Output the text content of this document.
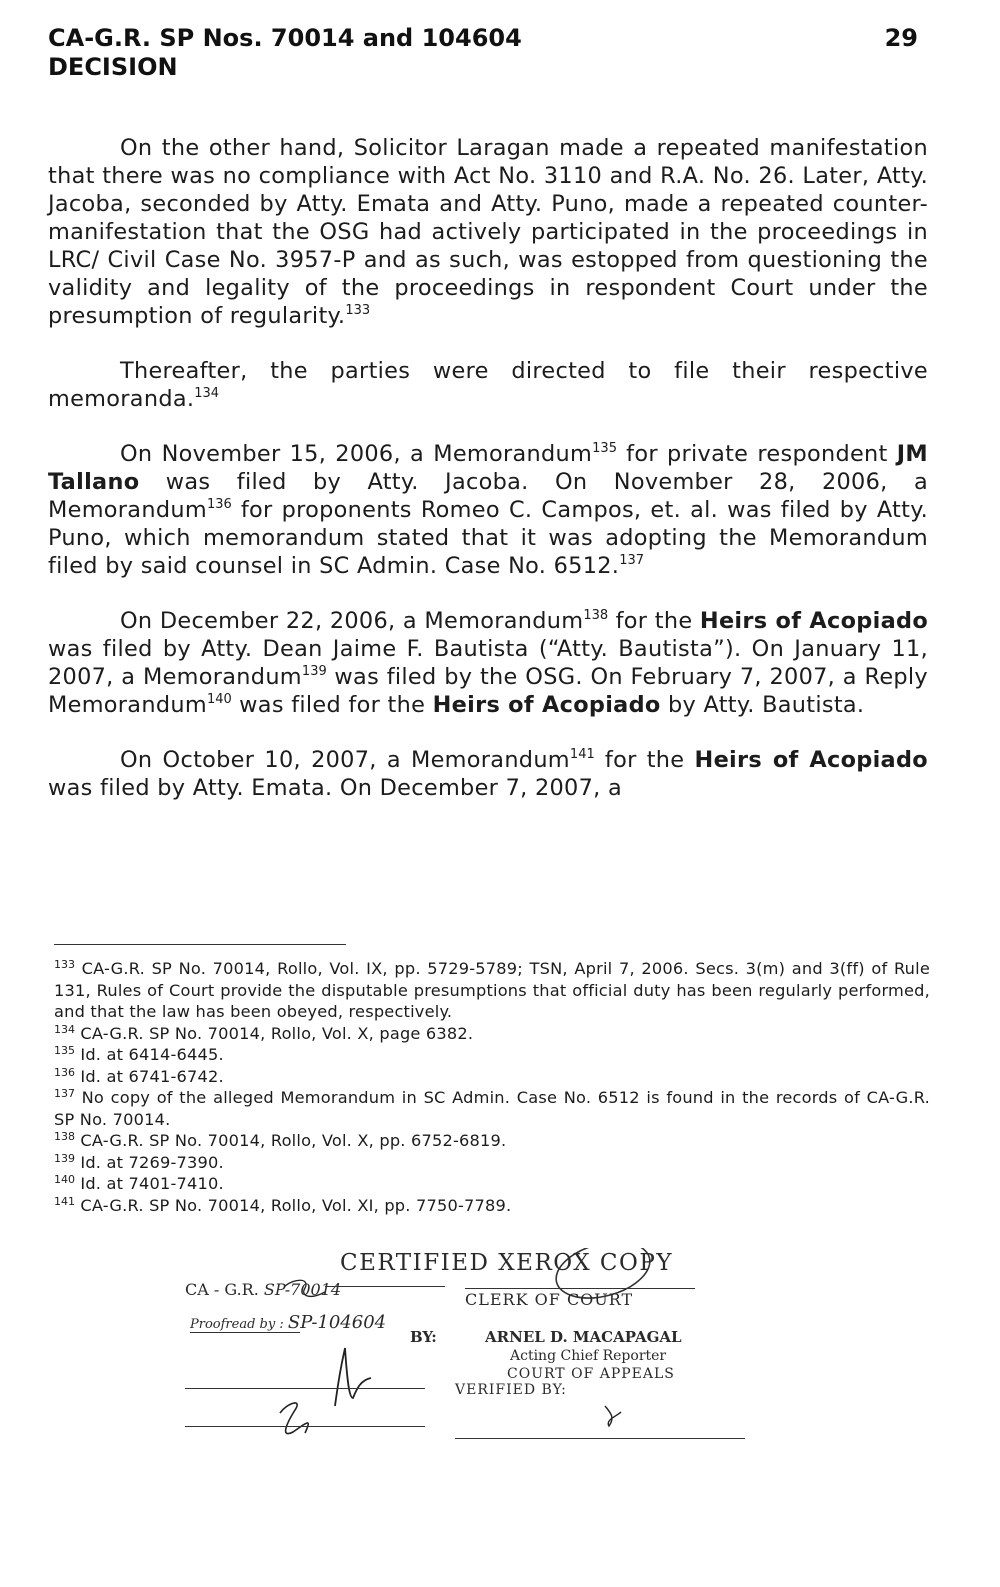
CA-G.R. SP Nos. 70014 and 104604
DECISION
29

On the other hand, Solicitor Laragan made a repeated manifestation that there was no compliance with Act No. 3110 and R.A. No. 26. Later, Atty. Jacoba, seconded by Atty. Emata and Atty. Puno, made a repeated counter-manifestation that the OSG had actively participated in the proceedings in LRC/ Civil Case No. 3957-P and as such, was estopped from questioning the validity and legality of the proceedings in respondent Court under the presumption of regularity.$^{133}$

Thereafter, the parties were directed to file their respective memoranda.$^{134}$

On November 15, 2006, a Memorandum$^{135}$ for private respondent JM Tallano was filed by Atty. Jacoba. On November 28, 2006, a Memorandum$^{136}$ for proponents Romeo C. Campos, et. al. was filed by Atty. Puno, which memorandum stated that it was adopting the Memorandum filed by said counsel in SC Admin. Case No. 6512.$^{137}$

On December 22, 2006, a Memorandum$^{138}$ for the Heirs of Acopiado was filed by Atty. Dean Jaime F. Bautista (“Atty. Bautista”). On January 11, 2007, a Memorandum$^{139}$ was filed by the OSG. On February 7, 2007, a Reply Memorandum$^{140}$ was filed for the Heirs of Acopiado by Atty. Bautista.

On October 10, 2007, a Memorandum$^{141}$ for the Heirs of Acopiado was filed by Atty. Emata. On December 7, 2007, a

$^{133}$ CA-G.R. SP No. 70014, Rollo, Vol. IX, pp. 5729-5789; TSN, April 7, 2006. Secs. 3(m) and 3(ff) of Rule 131, Rules of Court provide the disputable presumptions that official duty has been regularly performed, and that the law has been obeyed, respectively.

$^{134}$ CA-G.R. SP No. 70014, Rollo, Vol. X, page 6382.

$^{135}$ Id. at 6414-6445.

$^{136}$ Id. at 6741-6742.

$^{137}$ No copy of the alleged Memorandum in SC Admin. Case No. 6512 is found in the records of CA-G.R. SP No. 70014.

$^{138}$ CA-G.R. SP No. 70014, Rollo, Vol. X, pp. 6752-6819.

$^{139}$ Id. at 7269-7390.

$^{140}$ Id. at 7401-7410.

$^{141}$ CA-G.R. SP No. 70014, Rollo, Vol. XI, pp. 7750-7789.

CERTIFIED XEROX COPY
CA - G.R. SP-70014
CLERK OF COURT
Proofread by : SP-104604
BY:	ARNEL D. MACAPAGAL
Acting Chief Reporter
COURT OF APPEALS
VERIFIED BY:
